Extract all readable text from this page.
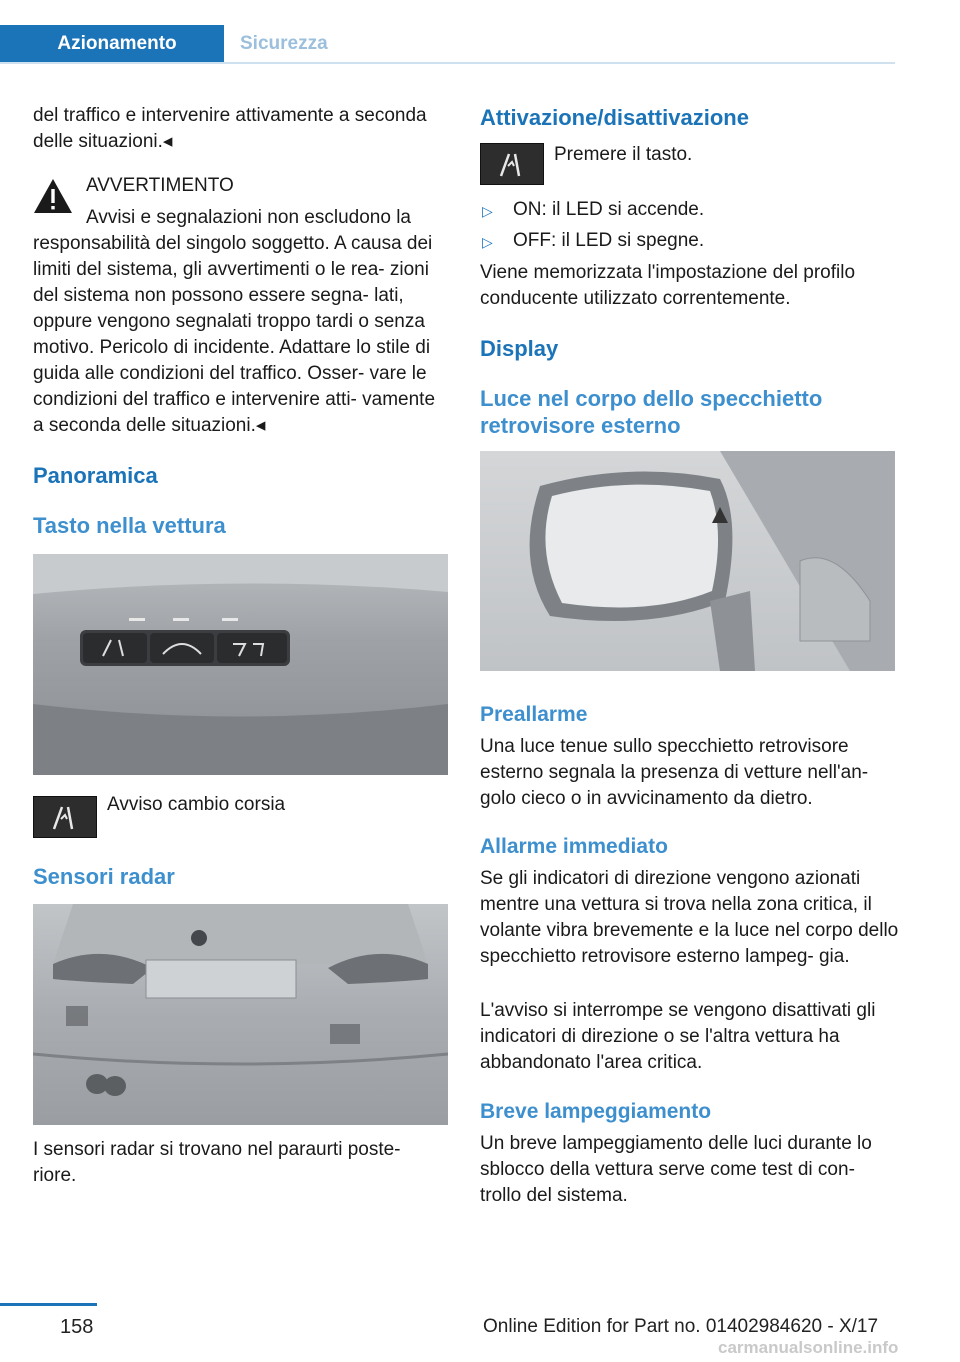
Azionamento	Sicurezza

del traffico e intervenire attivamente a seconda delle situazioni.◂

AVVERTIMENTO
Avvisi e segnalazioni non escludono la

responsabilità del singolo soggetto. A causa dei limiti del sistema, gli avvertimenti o le rea‐ zioni del sistema non possono essere segna‐ lati, oppure vengono segnalati troppo tardi o senza motivo. Pericolo di incidente. Adattare lo stile di guida alle condizioni del traffico. Osser‐ vare le condizioni del traffico e intervenire atti‐ vamente a seconda delle situazioni.◂

Panoramica
Tasto nella vettura
Avviso cambio corsia
Sensori radar

I sensori radar si trovano nel paraurti poste‐ riore.

Attivazione/disattivazione
Premere il tasto.
▷ ON: il LED si accende.
▷ OFF: il LED si spegne.

Viene memorizzata l'impostazione del profilo conducente utilizzato correntemente.

Display
Luce nel corpo dello specchietto retrovisore esterno
Preallarme

Una luce tenue sullo specchietto retrovisore esterno segnala la presenza di vetture nell'an‐ golo cieco o in avvicinamento da dietro.

Allarme immediato

Se gli indicatori di direzione vengono azionati mentre una vettura si trova nella zona critica, il volante vibra brevemente e la luce nel corpo dello specchietto retrovisore esterno lampeg‐ gia.

L'avviso si interrompe se vengono disattivati gli indicatori di direzione o se l'altra vettura ha abbandonato l'area critica.

Breve lampeggiamento

Un breve lampeggiamento delle luci durante lo sblocco della vettura serve come test di con‐ trollo del sistema.

158	Online Edition for Part no. 01402984620 - X/17
carmanualsonline.info
